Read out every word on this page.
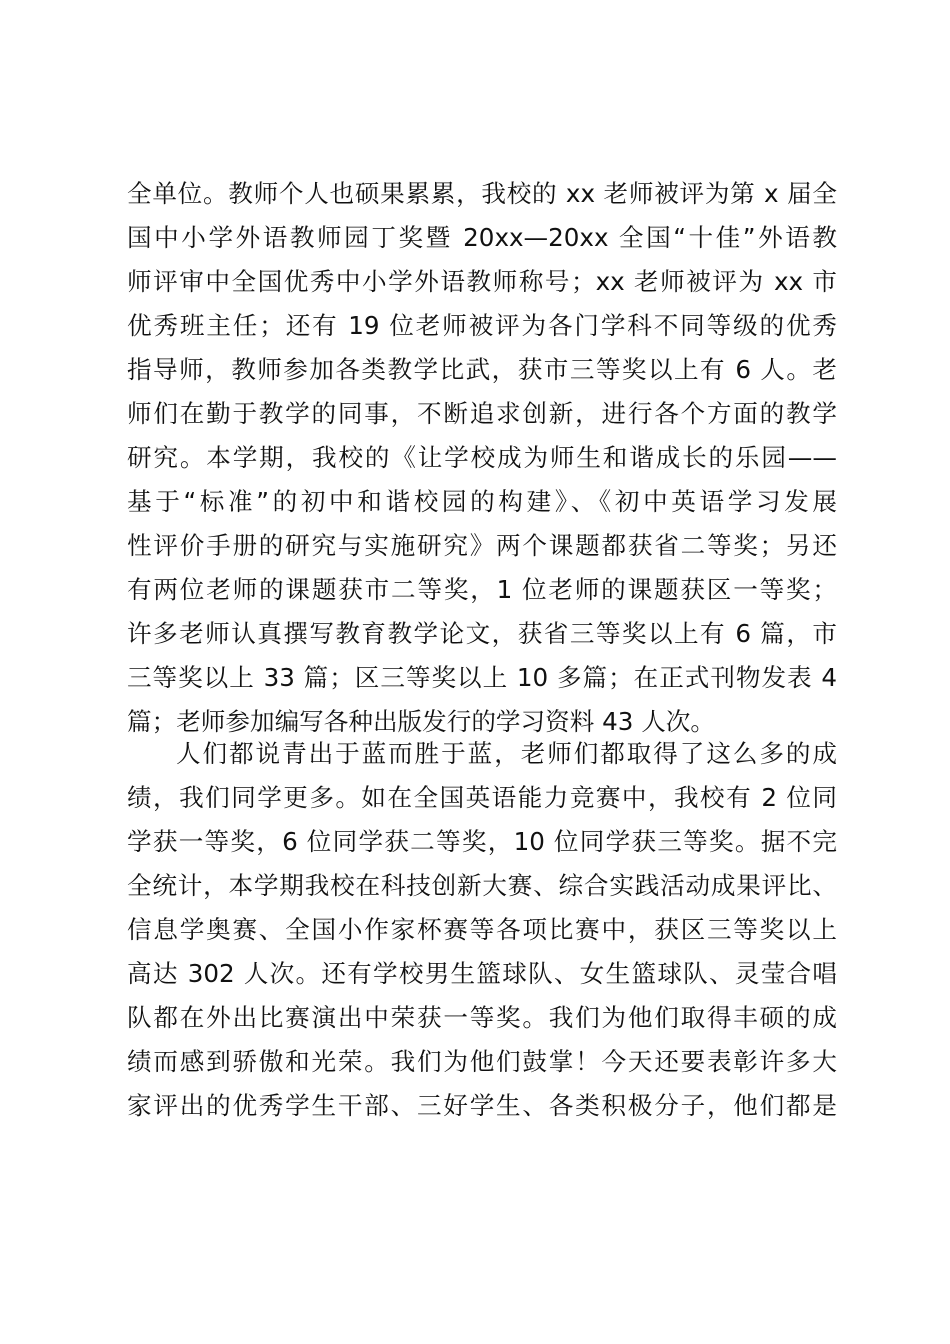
全单位。教师个人也硕果累累，我校的 xx 老师被评为第 x 届全
国中小学外语教师园丁奖暨 20xx—20xx 全国“十佳”外语教
师评审中全国优秀中小学外语教师称号；xx 老师被评为 xx 市
优秀班主任；还有 19 位老师被评为各门学科不同等级的优秀
指导师，教师参加各类教学比武，获市三等奖以上有 6 人。老
师们在勤于教学的同事，不断追求创新，进行各个方面的教学
研究。本学期，我校的《让学校成为师生和谐成长的乐园——
基于“标准”的初中和谐校园的构建》、《初中英语学习发展
性评价手册的研究与实施研究》两个课题都获省二等奖；另还
有两位老师的课题获市二等奖，1 位老师的课题获区一等奖；
许多老师认真撰写教育教学论文，获省三等奖以上有 6 篇，市
三等奖以上 33 篇；区三等奖以上 10 多篇；在正式刊物发表 4
篇；老师参加编写各种出版发行的学习资料 43 人次。
人们都说青出于蓝而胜于蓝，老师们都取得了这么多的成
绩，我们同学更多。如在全国英语能力竞赛中，我校有 2 位同
学获一等奖，6 位同学获二等奖，10 位同学获三等奖。据不完
全统计，本学期我校在科技创新大赛、综合实践活动成果评比、
信息学奥赛、全国小作家杯赛等各项比赛中，获区三等奖以上
高达 302 人次。还有学校男生篮球队、女生篮球队、灵莹合唱
队都在外出比赛演出中荣获一等奖。我们为他们取得丰硕的成
绩而感到骄傲和光荣。我们为他们鼓掌！今天还要表彰许多大
家评出的优秀学生干部、三好学生、各类积极分子，他们都是
